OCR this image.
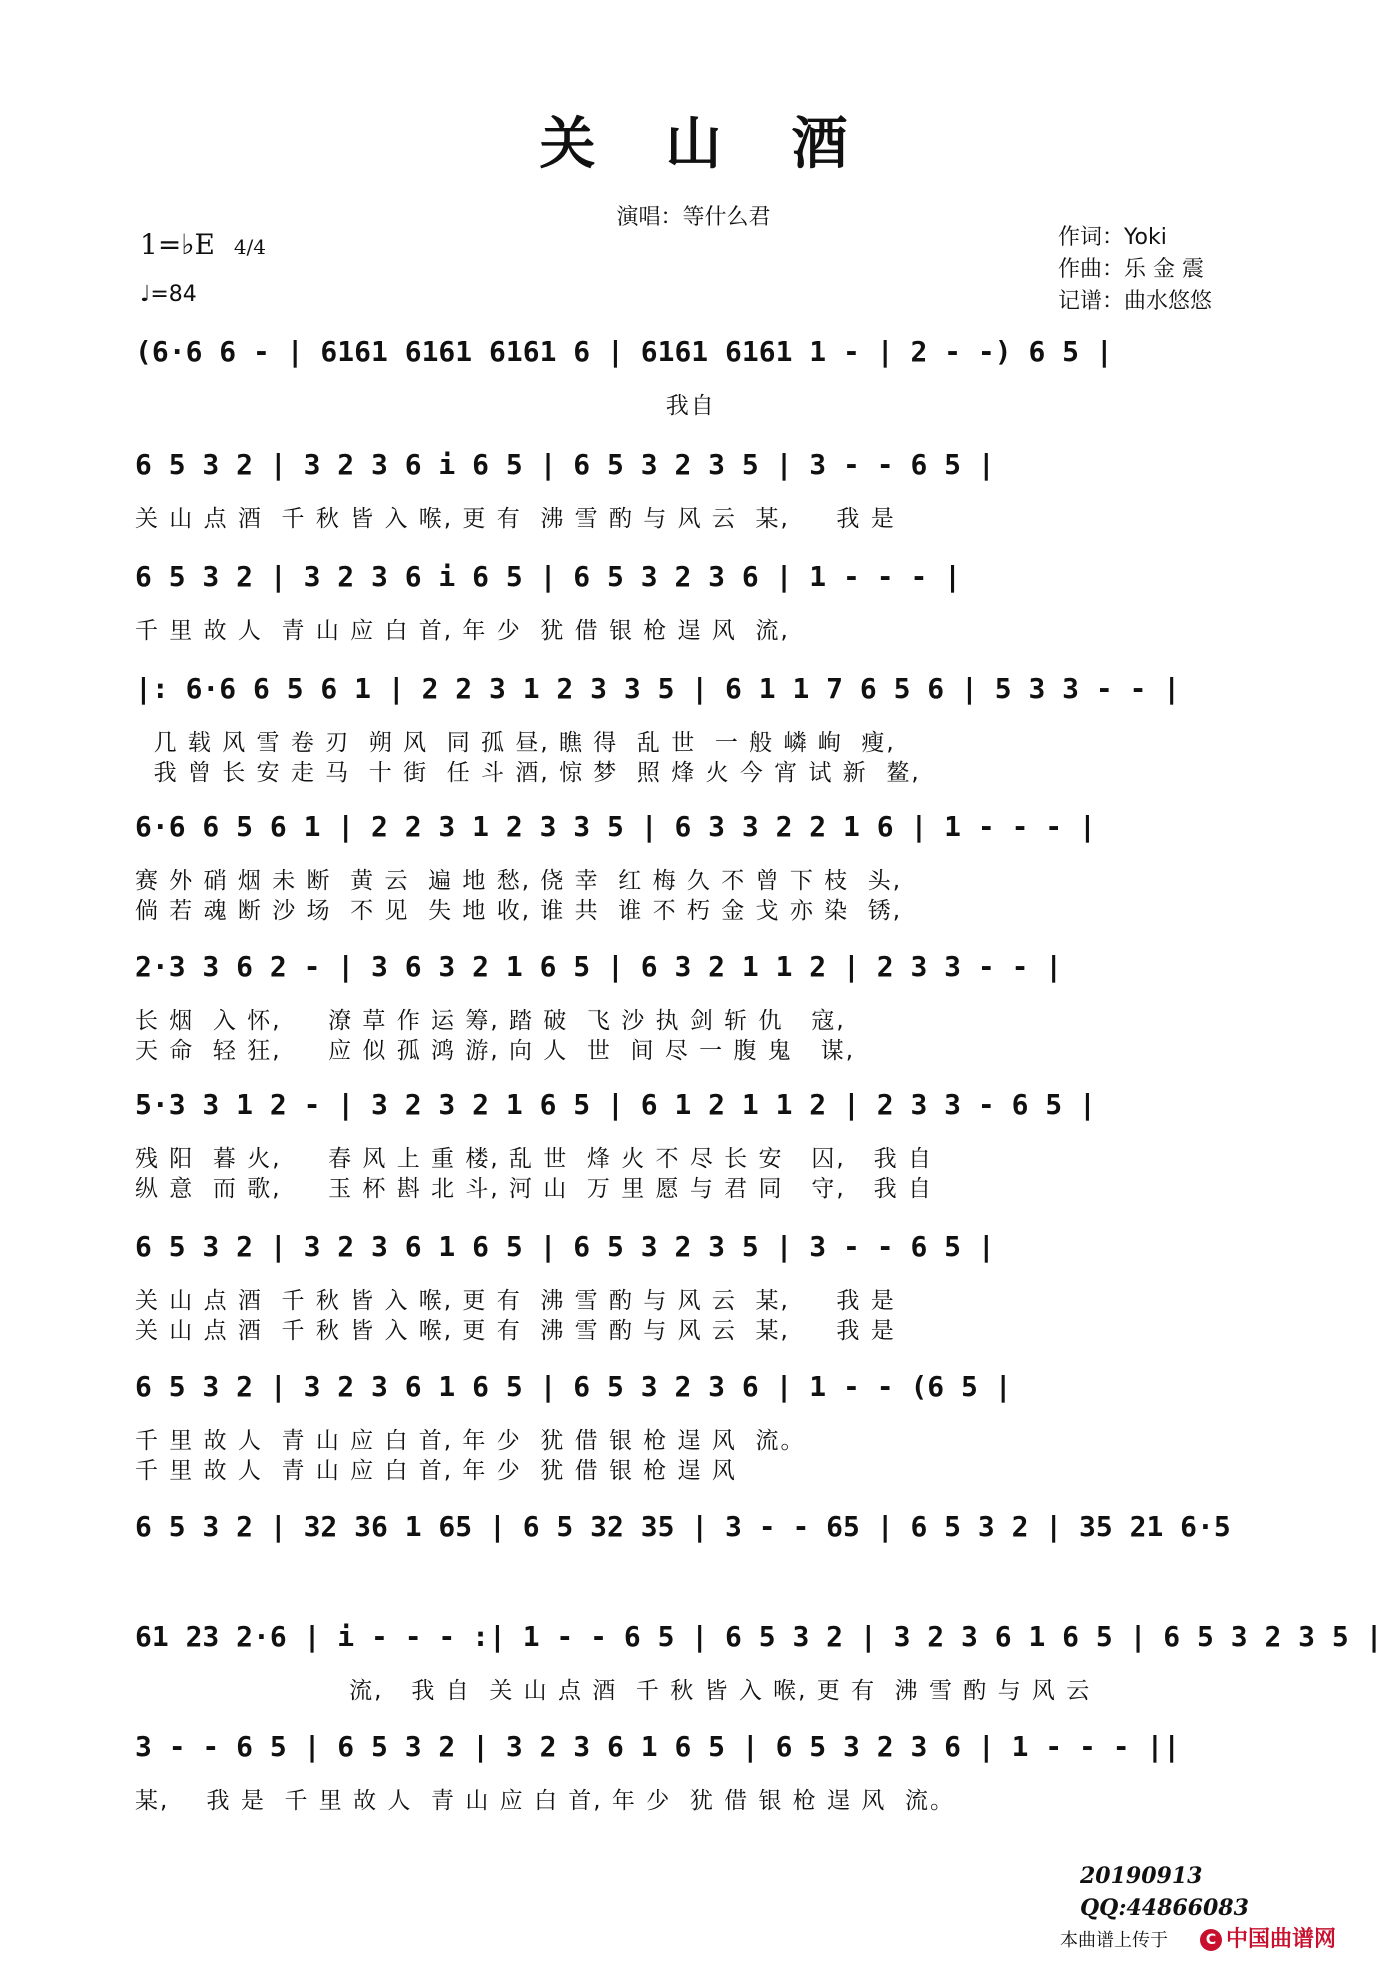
关山酒
演唱：等什么君
1=♭E 4/4
♩=84
作词：Yoki
作曲：乐 金 震
记谱：曲水悠悠
(6·6 6 - | 6161 6161 6161 6 | 6161 6161 1 - | 2 - -) 6 5 |
我自
6 5 3 2 | 3 2 3 6 i 6 5 | 6 5 3 2 3 5 | 3 - - 6 5 |
关 山 点 酒  千 秋 皆 入 喉, 更 有  沸 雪 酌 与 风 云  某,     我 是
6 5 3 2 | 3 2 3 6 i 6 5 | 6 5 3 2 3 6 | 1 - - - |
千 里 故 人  青 山 应 白 首, 年 少  犹 借 银 枪 逞 风  流,
|: 6·6 6 5 6 1 | 2 2 3 1 2 3 3 5 | 6 1 1 7 6 5 6 | 5 3 3 - - |
几 载 风 雪 卷 刃  朔 风  同 孤 昼, 瞧 得  乱 世  一 般 嶙 峋  瘦,
我 曾 长 安 走 马  十 街  任 斗 酒, 惊 梦  照 烽 火 今 宵 试 新  鳌,
6·6 6 5 6 1 | 2 2 3 1 2 3 3 5 | 6 3 3 2 2 1 6 | 1 - - - |
赛 外 硝 烟 未 断  黄 云  遍 地 愁, 侥 幸  红 梅 久 不 曾 下 枝  头,
倘 若 魂 断 沙 场  不 见  失 地 收, 谁 共  谁 不 朽 金 戈 亦 染  锈,
2·3 3 6 2 - | 3 6 3 2 1 6 5 | 6 3 2 1 1 2 | 2 3 3 - - |
长 烟  入 怀,     潦 草 作 运 筹, 踏 破  飞 沙 执 剑 斩 仇   寇,
天 命  轻 狂,     应 似 孤 鸿 游, 向 人  世  间 尽 一 腹 鬼   谋,
5·3 3 1 2 - | 3 2 3 2 1 6 5 | 6 1 2 1 1 2 | 2 3 3 - 6 5 |
残 阳  暮 火,     春 风 上 重 楼, 乱 世  烽 火 不 尽 长 安   囚,   我 自
纵 意  而 歌,     玉 杯 斟 北 斗, 河 山  万 里 愿 与 君 同   守,   我 自
6 5 3 2 | 3 2 3 6 1 6 5 | 6 5 3 2 3 5 | 3 - - 6 5 |
关 山 点 酒  千 秋 皆 入 喉, 更 有  沸 雪 酌 与 风 云  某,     我 是
关 山 点 酒  千 秋 皆 入 喉, 更 有  沸 雪 酌 与 风 云  某,     我 是
6 5 3 2 | 3 2 3 6 1 6 5 | 6 5 3 2 3 6 | 1 - - (6 5 |
千 里 故 人  青 山 应 白 首, 年 少  犹 借 银 枪 逞 风  流。
千 里 故 人  青 山 应 白 首, 年 少  犹 借 银 枪 逞 风
6 5 3 2 | 32 36 1 65 | 6 5 32 35 | 3 - - 65 | 6 5 3 2 | 35 21 6·5
61 23 2·6 | i - - - :| 1 - - 6 5 | 6 5 3 2 | 3 2 3 6 1 6 5 | 6 5 3 2 3 5 |
流,   我 自  关 山 点 酒  千 秋 皆 入 喉, 更 有  沸 雪 酌 与 风 云
3 - - 6 5 | 6 5 3 2 | 3 2 3 6 1 6 5 | 6 5 3 2 3 6 | 1 - - - ||
某,    我 是  千 里 故 人  青 山 应 白 首, 年 少  犹 借 银 枪 逞 风  流。
20190913
QQ:44866083
本曲谱上传于	C 中国曲谱网
